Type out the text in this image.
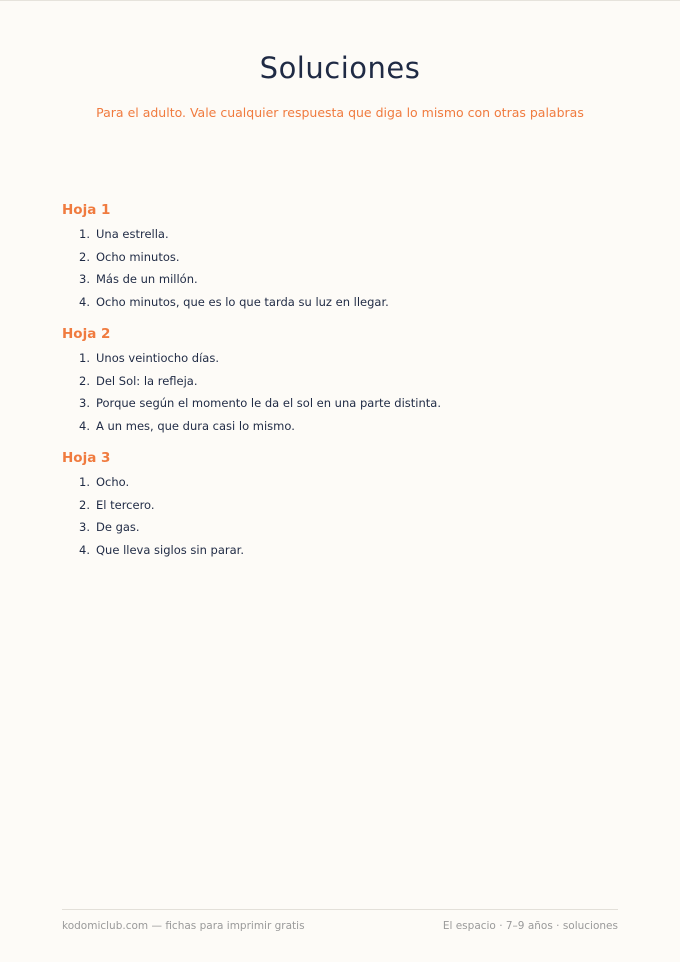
Soluciones

Para el adulto. Vale cualquier respuesta que diga lo mismo con otras palabras

Hoja 1
1. Una estrella.
2. Ocho minutos.
3. Más de un millón.
4. Ocho minutos, que es lo que tarda su luz en llegar.
Hoja 2
1. Unos veintiocho días.
2. Del Sol: la refleja.
3. Porque según el momento le da el sol en una parte distinta.
4. A un mes, que dura casi lo mismo.
Hoja 3
1. Ocho.
2. El tercero.
3. De gas.
4. Que lleva siglos sin parar.
kodomiclub.com — fichas para imprimir gratis	El espacio · 7–9 años · soluciones
